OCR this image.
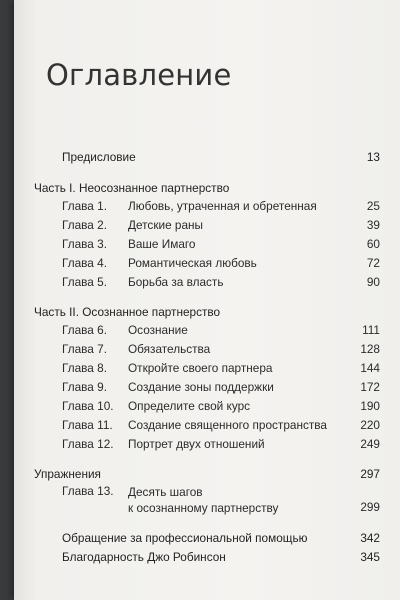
Оглавление
Предисловие	13
Часть I. Неосознанное партнерство
Глава 1. Любовь, утраченная и обретенная	25
Глава 2. Детские раны	39
Глава 3. Ваше Имаго	60
Глава 4. Романтическая любовь	72
Глава 5. Борьба за власть	90
Часть II. Осознанное партнерство
Глава 6. Осознание	111
Глава 7. Обязательства	128
Глава 8. Откройте своего партнера	144
Глава 9. Создание зоны поддержки	172
Глава 10. Определите свой курс	190
Глава 11. Создание священного пространства	220
Глава 12. Портрет двух отношений	249
Упражнения	297
Глава 13. Десять шагов
к осознанному партнерству	299
Обращение за профессиональной помощью	342
Благодарность Джо Робинсон	345
